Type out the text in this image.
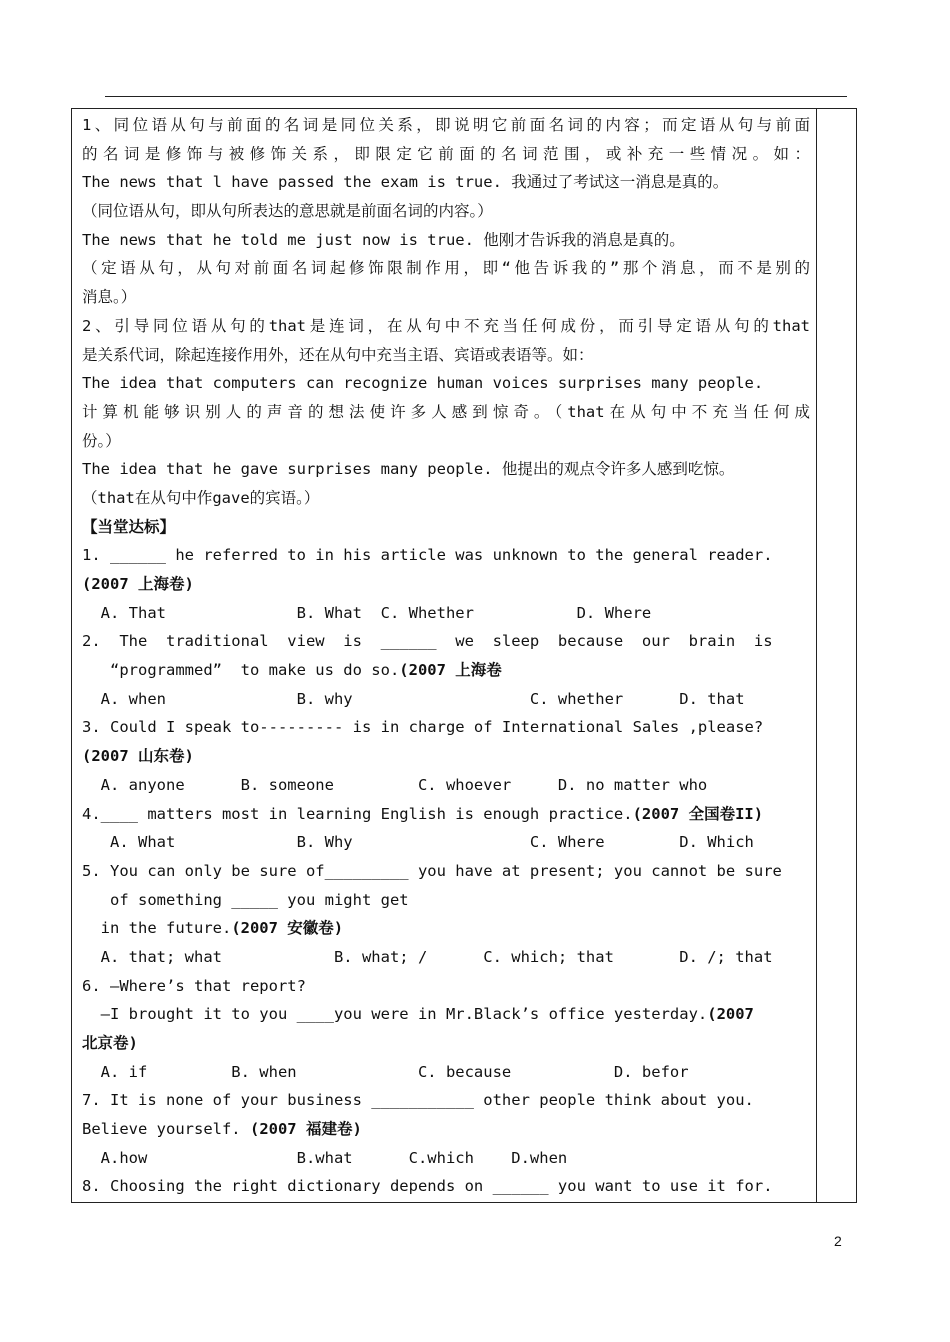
1、同位语从句与前面的名词是同位关系，即说明它前面名词的内容；而定语从句与前面
的名词是修饰与被修饰关系，即限定它前面的名词范围，或补充一些情况。如：
The news that l have passed the exam is true. 我通过了考试这一消息是真的。
（同位语从句，即从句所表达的意思就是前面名词的内容。）
The news that he told me just now is true. 他刚才告诉我的消息是真的。
（定语从句，从句对前面名词起修饰限制作用，即“他告诉我的”那个消息，而不是别的
消息。）
2、引导同位语从句的that是连词，在从句中不充当任何成份，而引导定语从句的that
是关系代词，除起连接作用外，还在从句中充当主语、宾语或表语等。如：
The idea that computers can recognize human voices surprises many people.
计算机能够识别人的声音的想法使许多人感到惊奇。（that在从句中不充当任何成
份。）
The idea that he gave surprises many people. 他提出的观点令许多人感到吃惊。
（that在从句中作gave的宾语。）
【当堂达标】
1. ______ he referred to in his article was unknown to the general reader.
(2007 上海卷)
A. That              B. What  C. Whether           D. Where
2.  The  traditional  view  is  ______  we  sleep  because  our  brain  is
“programmed”  to make us do so.(2007 上海卷
A. when              B. why                   C. whether      D. that
3. Could I speak to--------- is in charge of International Sales ,please?
(2007 山东卷)
A. anyone      B. someone         C. whoever     D. no matter who
4.____ matters most in learning English is enough practice.(2007 全国卷II)
A. What             B. Why                   C. Where        D. Which
5. You can only be sure of_________ you have at present; you cannot be sure
of something _____ you might get
in the future.(2007 安徽卷)
A. that; what            B. what; /      C. which; that       D. /; that
6. —Where’s that report?
—I brought it to you ____you were in Mr.Black’s office yesterday.(2007
北京卷)
A. if         B. when             C. because           D. befor
7. It is none of your business ___________ other people think about you.
Believe yourself. (2007 福建卷)
A.how                B.what      C.which    D.when
8. Choosing the right dictionary depends on ______ you want to use it for.
2
